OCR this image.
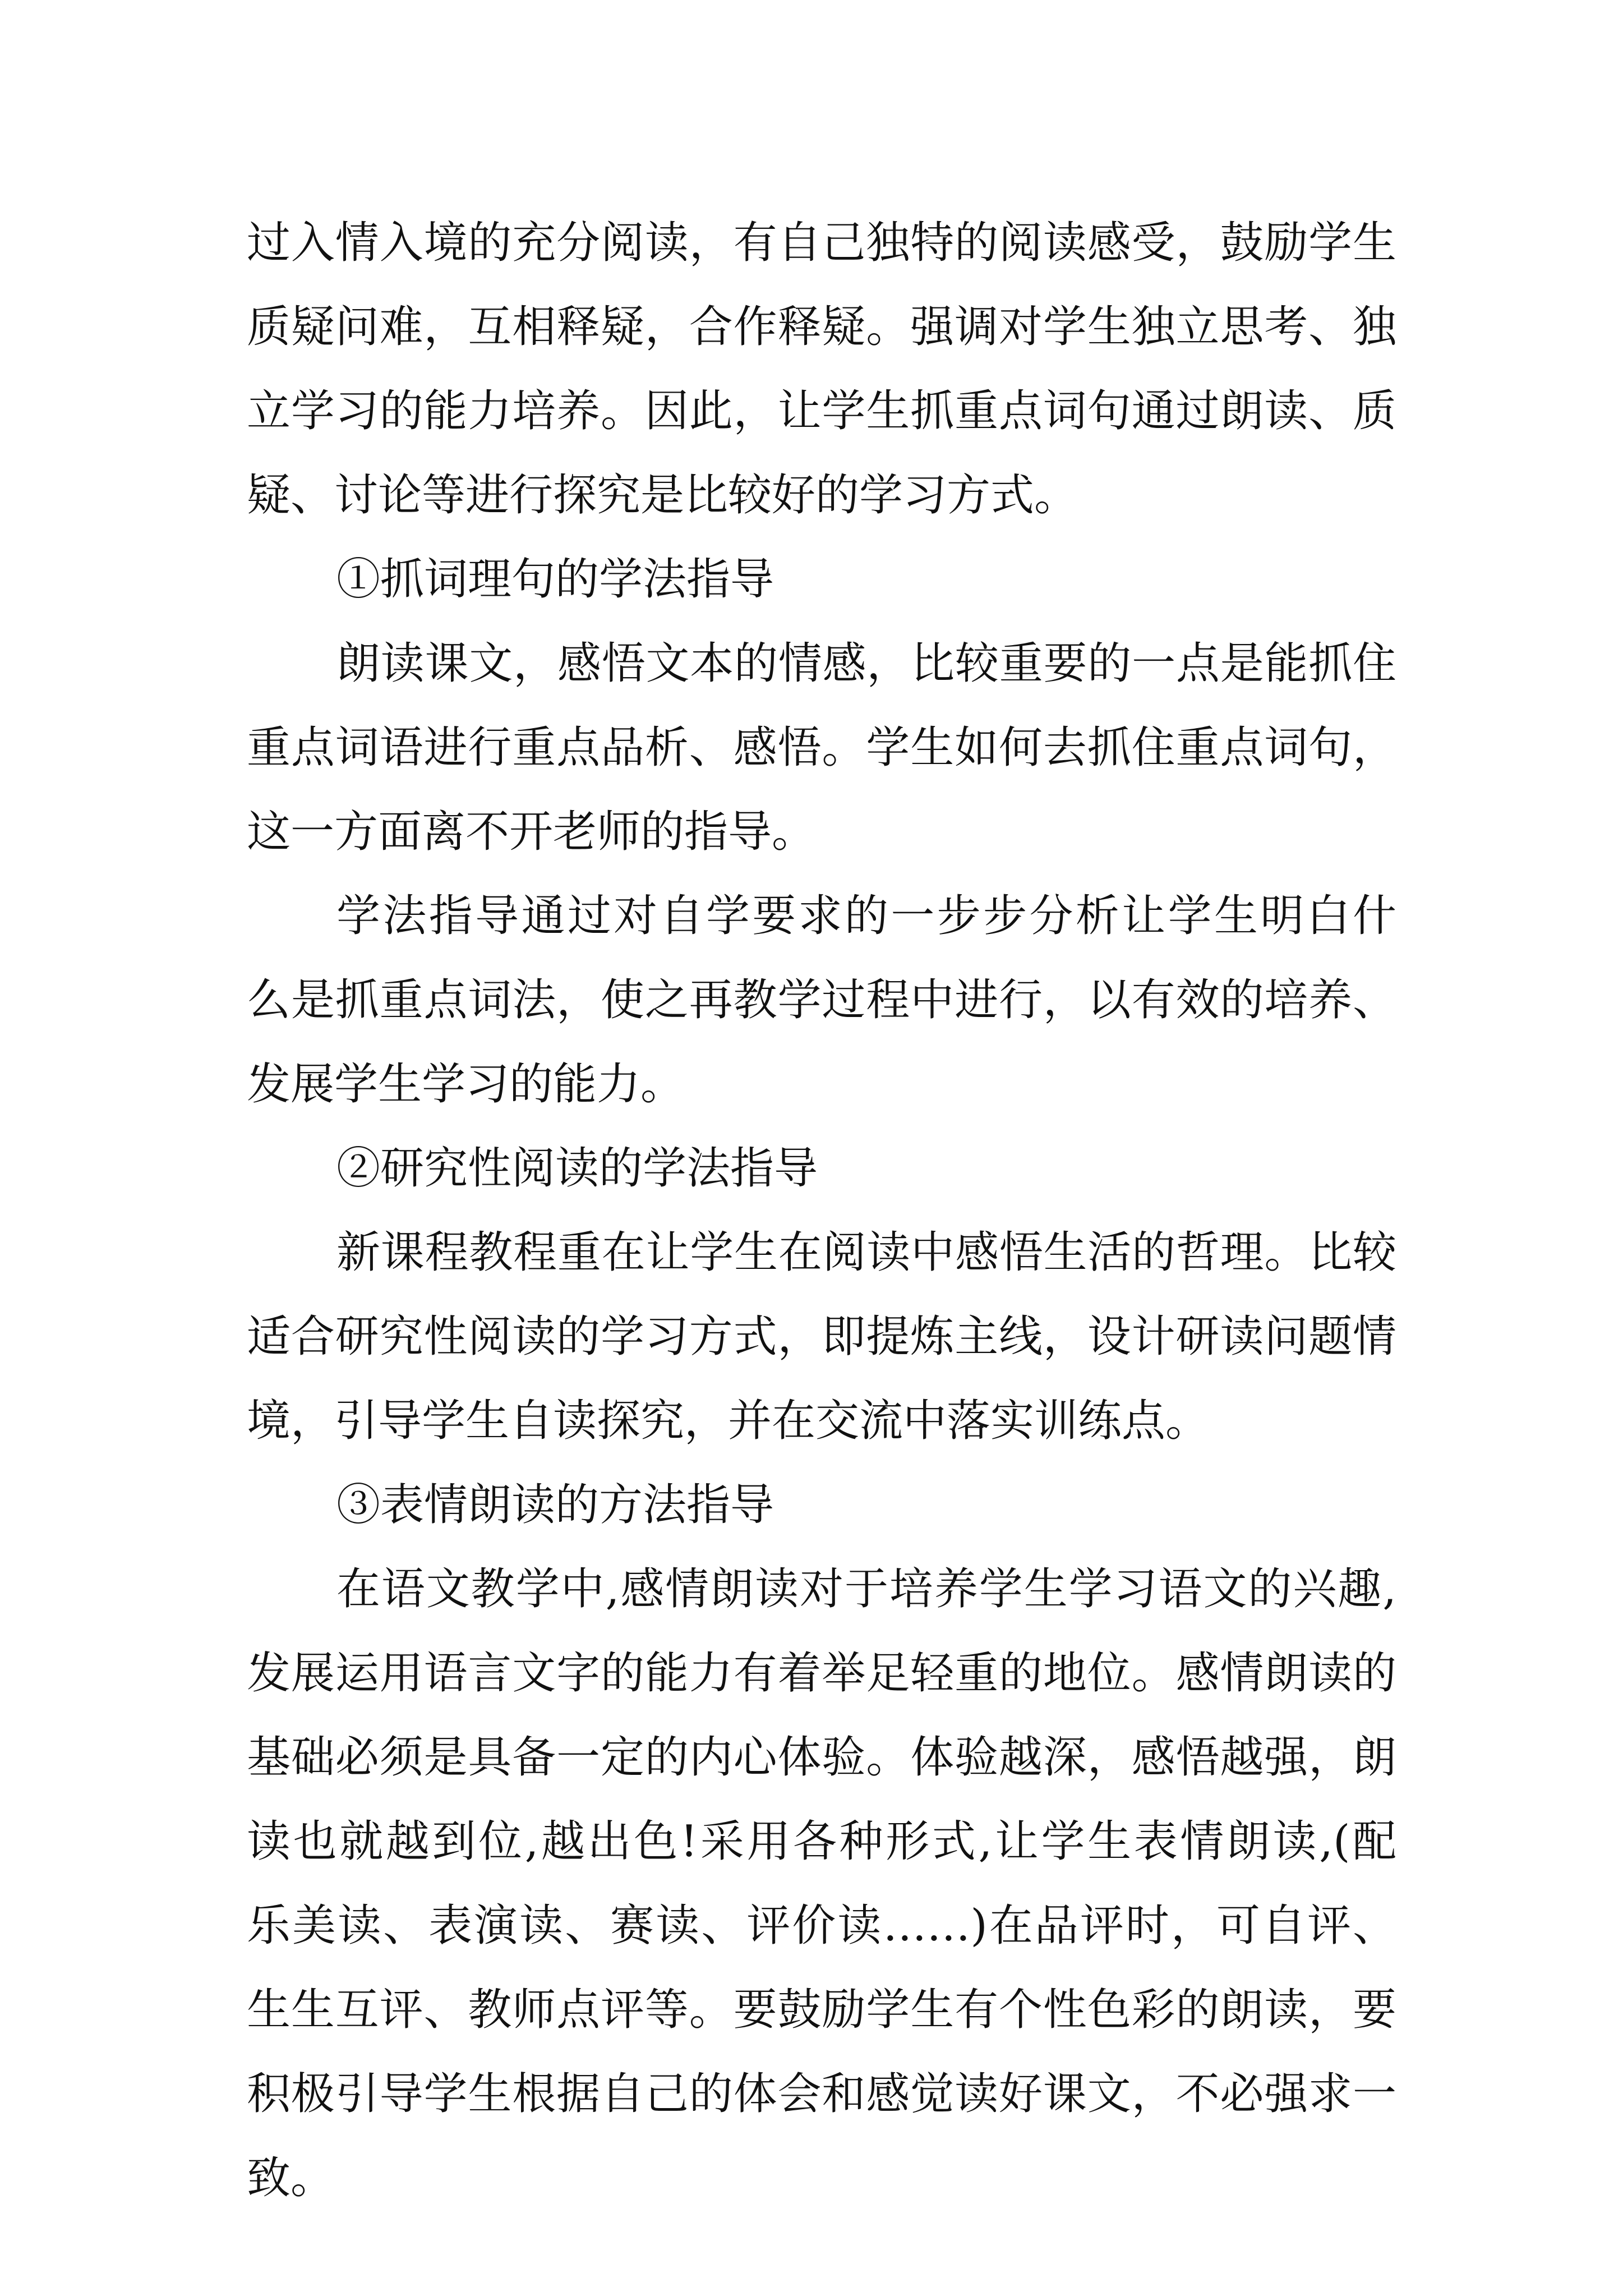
过入情入境的充分阅读，有自己独特的阅读感受，鼓励学生
质疑问难，互相释疑，合作释疑。强调对学生独立思考、独
立学习的能力培养。因此，让学生抓重点词句通过朗读、质
疑、讨论等进行探究是比较好的学习方式。
①抓词理句的学法指导
朗读课文，感悟文本的情感，比较重要的一点是能抓住
重点词语进行重点品析、感悟。学生如何去抓住重点词句，
这一方面离不开老师的指导。
学法指导通过对自学要求的一步步分析让学生明白什
么是抓重点词法，使之再教学过程中进行，以有效的培养、
发展学生学习的能力。
②研究性阅读的学法指导
新课程教程重在让学生在阅读中感悟生活的哲理。比较
适合研究性阅读的学习方式，即提炼主线，设计研读问题情
境，引导学生自读探究，并在交流中落实训练点。
③表情朗读的方法指导
在语文教学中,感情朗读对于培养学生学习语文的兴趣,
发展运用语言文字的能力有着举足轻重的地位。感情朗读的
基础必须是具备一定的内心体验。体验越深，感悟越强，朗
读也就越到位,越出色!采用各种形式,让学生表情朗读,(配
乐美读、表演读、赛读、评价读……)在品评时，可自评、
生生互评、教师点评等。要鼓励学生有个性色彩的朗读，要
积极引导学生根据自己的体会和感觉读好课文，不必强求一
致。
